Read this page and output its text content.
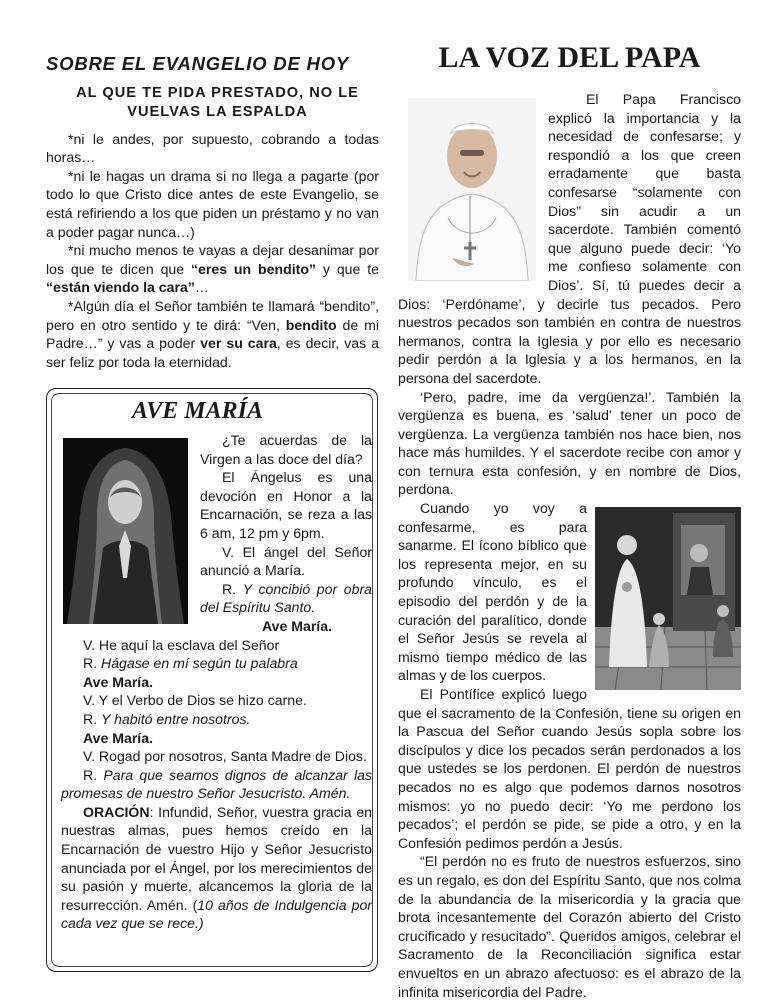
SOBRE EL EVANGELIO DE HOY
AL QUE TE PIDA PRESTADO, NO LE VUELVAS LA ESPALDA

*ni le andes, por supuesto, cobrando a todas horas…

*ni le hagas un drama si no llega a pagarte (por todo lo que Cristo dice antes de este Evangelio, se está refiriendo a los que piden un préstamo y no van a poder pagar nunca…)

*ni mucho menos te vayas a dejar desanimar por los que te dicen que “eres un bendito” y que te “están viendo la cara”…

*Algún día el Señor también te llamará “bendito”, pero en otro sentido y te dirá: “Ven, bendito de mi Padre…” y vas a poder ver su cara, es decir, vas a ser feliz por toda la eternidad.

AVE MARÍA

¿Te acuerdas de la Virgen a las doce del día?

El Ángelus es una devoción en Honor a la Encarnación, se reza a las 6 am, 12 pm y 6pm.

V. El ángel del Señor anunció a María.

R. Y concibió por obra del Espíritu Santo.

Ave María.

V. He aquí la esclava del Señor

R. Hágase en mí según tu palabra

Ave María.

V. Y el Verbo de Dios se hizo carne.

R. Y habitó entre nosotros.

Ave María.

V. Rogad por nosotros, Santa Madre de Dios.

R. Para que seamos dignos de alcanzar las promesas de nuestro Señor Jesucristo. Amén.

ORACIÓN: Infundid, Señor, vuestra gracia en nuestras almas, pues hemos creído en la Encarnación de vuestro Hijo y Señor Jesucristo anunciada por el Ángel, por los merecimientos de su pasión y muerte, alcancemos la gloria de la resurrección. Amén. (10 años de Indulgencia por cada vez que se rece.)

LA VOZ DEL PAPA

El Papa Francisco explicó la importancia y la necesidad de confesarse; y respondió a los que creen erradamente que basta confesarse “solamente con Dios” sin acudir a un sacerdote. También comentó que alguno puede decir: ‘Yo me confieso solamente con Dios’. Sí, tú puedes decir a Dios: ‘Perdóname’, y decirle tus pecados. Pero nuestros pecados son también en contra de nuestros hermanos, contra la Iglesia y por ello es necesario pedir perdón a la Iglesia y a los hermanos, en la persona del sacerdote.

‘Pero, padre, ime da vergüenza!’. También la vergüenza es buena, es ‘salud’ tener un poco de vergüenza. La vergüenza también nos hace bien, nos hace más humildes. Y el sacerdote recibe con amor y con ternura esta confesión, y en nombre de Dios, perdona.

Cuando yo voy a confesarme, es para sanarme. El ícono bíblico que los representa mejor, en su profundo vínculo, es el episodio del perdón y de la curación del paralítico, donde el Señor Jesús se revela al mismo tiempo médico de las almas y de los cuerpos.

El Pontífice explicó luego que el sacramento de la Confesión, tiene su origen en la Pascua del Señor cuando Jesús sopla sobre los discípulos y dice los pecados serán perdonados a los que ustedes se los perdonen. El perdón de nuestros pecados no es algo que podemos darnos nosotros mismos: yo no puedo decir: ‘Yo me perdono los pecados’; el perdón se pide, se pide a otro, y en la Confesión pedimos perdón a Jesús.

“El perdón no es fruto de nuestros esfuerzos, sino es un regalo, es don del Espíritu Santo, que nos colma de la abundancia de la misericordia y la gracia que brota incesantemente del Corazón abierto del Cristo crucificado y resucitado”. Queridos amigos, celebrar el Sacramento de la Reconciliación significa estar envueltos en un abrazo afectuoso: es el abrazo de la infinita misericordia del Padre.
